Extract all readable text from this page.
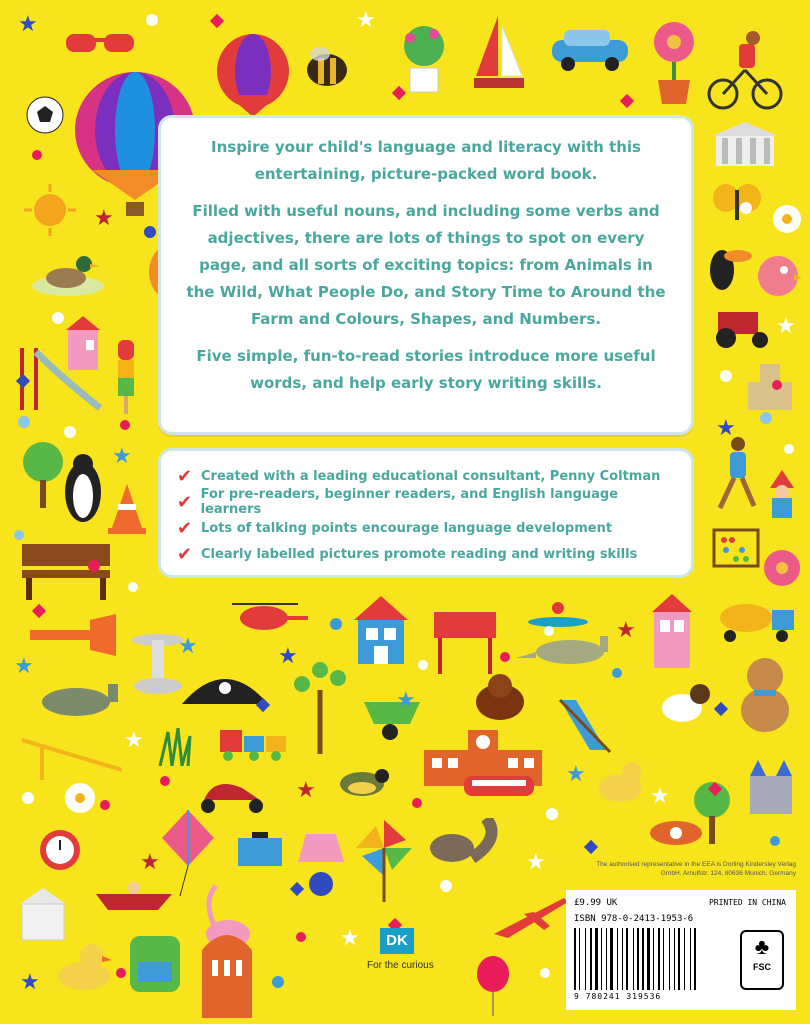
★	★
★
★
★
★
★
★
★
★
★
★
★	★
★
★
★
★
★

Inspire your child's language and literacy with this entertaining, picture-packed word book.

Filled with useful nouns, and including some verbs and adjectives, there are lots of things to spot on every page, and all sorts of exciting topics: from Animals in the Wild, What People Do, and Story Time to Around the Farm and Colours, Shapes, and Numbers.

Five simple, fun-to-read stories introduce more useful words, and help early story writing skills.

✔ Created with a leading educational consultant, Penny Coltman
✔ For pre-readers, beginner readers, and English language learners
✔ Lots of talking points encourage language development
✔ Clearly labelled pictures promote reading and writing skills
DK
For the curious
The authorised representative in the EEA is Dorling Kindersley Verlag GmbH. Arnulfstr. 124, 80636 Munich, Germany
£9.99 UK	PRINTED IN CHINA
ISBN 978-0-2413-1953-6
9 780241 319536
♣
FSC
